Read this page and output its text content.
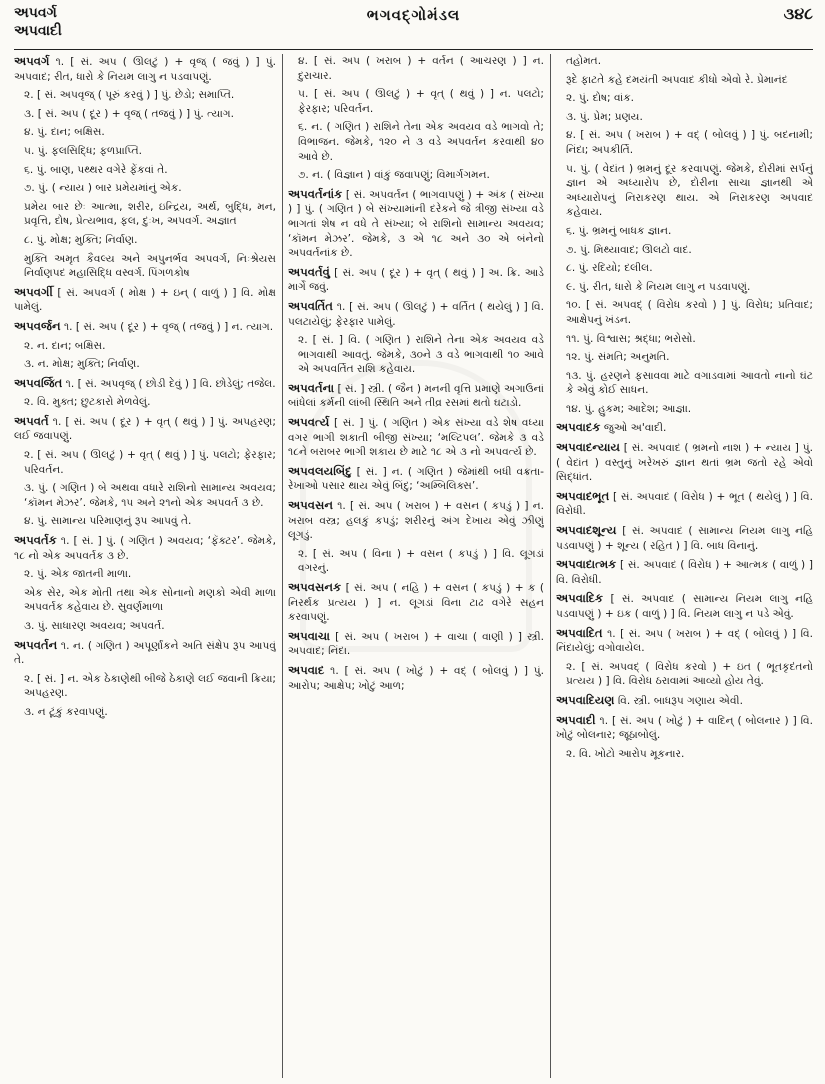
અપવર્ગ
અપવાદી
ભગવદ્ગોમંડલ	૩૪૮
અપવર્ગ ૧. [ સં. અપ ( ઊલટું ) + વૃજ્ ( જવું ) ] પું. અપવાદ; રીત, ધારો કે નિયમ લાગુ ન પડવાપણું.
૨. [ સં. અપવૃજ્ ( પૂરું કરવું ) ] પું. છેડો; સમાપ્તિ.
૩. [ સં. અપ ( દૂર ) + વૃજ્ ( તજવું ) ] પું. ત્યાગ.
૪. પું. દાન; બક્ષિસ.
૫. પું. ફલસિદ્ધિ; ફળપ્રાપ્તિ.
૬. પું. બાણ, પથ્થર વગેરે ફેંકવાં તે.
૭. પું. ( ન્યાય ) બાર પ્રમેયમાંનું એક.
પ્રમેય બાર છેઃ આત્મા, શરીર, ઇન્દ્રિય, અર્થ, બુદ્ધિ, મન, પ્રવૃત્તિ, દોષ, પ્રેત્યભાવ, ફલ, દુઃખ, અપવર્ગ. અજ્ઞાત
૮. પું. મોક્ષ; મુક્તિ; નિર્વાણ.
મુક્તિ અમૃત કૈવલ્ય અને અપુનર્ભવ અપવર્ગ, નિઃશ્રેયસ નિર્વાણપદ મહાસિદ્ધિ વસ્વર્ગ. પિંગળકોષ
અપવર્ગી [ સં. અપવર્ગ ( મોક્ષ ) + ઇન્ ( વાળું ) ] વિ. મોક્ષ પામેલું.
અપવર્જન ૧. [ સં. અપ ( દૂર ) + વૃજ્ ( તજવું ) ] ન. ત્યાગ.
૨. ન. દાન; બક્ષિસ.
૩. ન. મોક્ષ; મુક્તિ; નિર્વાણ.
અપવર્જિત ૧. [ સં. અપવૃજ્ ( છોડી દેવું ) ] વિ. છોડેલું; તજેલ.
૨. વિ. મુક્ત; છુટકારો મેળવેલું.
અપવર્ત ૧. [ સં. અપ ( દૂર ) + વૃત્ ( થવું ) ] પું. અપહરણ; લઈ જવાપણું.
૨. [ સં. અપ ( ઊલટું ) + વૃત્ ( થવું ) ] પું. પલટો; ફેરફાર; પરિવર્તન.
૩. પું. ( ગણિત ) બે અથવા વધારે રાશિનો સામાન્ય અવયવ; ‘કૉમન મેઝર’. જેમકે, ૧૫ અને ૨૧નો એક અપવર્ત ૩ છે.
૪. પું. સામાન્ય પરિમાણનું રૂપ આપવું તે.
અપવર્તક ૧. [ સં. ] પું. ( ગણિત ) અવયવ; ‘ફૅક્ટર’. જેમકે, ૧૮ નો એક અપવર્તક ૩ છે.
૨. પું. એક જાતની માળા.
એક સેર, એક મોતી તથા એક સોનાનો મણકો એવી માળા અપવર્તક કહેવાય છે. સુવર્ણમાળા
૩. પું. સાધારણ અવયવ; અપવર્ત.
અપવર્તન ૧. ન. ( ગણિત ) અપૂર્ણાંકને અતિ સંક્ષેપ રૂપ આપવું તે.
૨. [ સં. ] ન. એક ઠેકાણેથી બીજે ઠેકાણે લઈ જવાની ક્રિયા; અપહરણ.
૩. ન ટૂંકું કરવાપણું.
૪. [ સં. અપ ( ખરાબ ) + વર્તન ( આચરણ ) ] ન. દુરાચાર.
૫. [ સં. અપ ( ઊલટું ) + વૃત્ ( થવું ) ] ન. પલટો; ફેરફાર; પરિવર્તન.
૬. ન. ( ગણિત ) રાશિને તેના એક અવયવ વડે ભાગવો તે; વિભાજન. જેમકે, ૧૨૦ ને ૩ વડે અપવર્તન કરવાથી ૪૦ આવે છે.
૭. ન. ( વિજ્ઞાન ) વાંકું જવાપણું; વિમાર્ગગમન.
અપવર્તનાંક [ સં. અપવર્તન ( ભાગવાપણું ) + અંક ( સંખ્યા ) ] પું. ( ગણિત ) બે સંખ્યામાંની દરેકને જે ત્રીજી સંખ્યા વડે ભાગતાં શેષ ન વધે તે સંખ્યા; બે રાશિનો સામાન્ય અવયવ; ‘કૉમન મેઝર’. જેમકે, ૩ એ ૧૮ અને ૩૦ એ બંનેનો અપવર્તનાંક છે.
અપવર્તવું [ સં. અપ ( દૂર ) + વૃત્ ( થવું ) ] અ. ક્રિ. આડે માર્ગે જવું.
અપવર્તિત ૧. [ સં. અપ ( ઊલટું ) + વર્તિત ( થયેલું ) ] વિ. પલટાયેલું; ફેરફાર પામેલું.
૨. [ સં. ] વિ. ( ગણિત ) રાશિને તેના એક અવયવ વડે ભાગવાથી આવતું. જેમકે, ૩૦ને ૩ વડે ભાગવાથી ૧૦ આવે એ અપવર્તિત રાશિ કહેવાય.
અપવર્તના [ સં. ] સ્ત્રી. ( જૈન ) મનની વૃત્તિ પ્રમાણે અગાઉનાં બાંધેલાં કર્મની લાંબી સ્થિતિ અને તીવ્ર રસમાં થતો ઘટાડો.
અપવર્ત્ય [ સં. ] પું. ( ગણિત ) એક સંખ્યા વડે શેષ વધ્યા વગર ભાગી શકાતી બીજી સંખ્યા; ‘મલ્ટિપલ’. જેમકે ૩ વડે ૧૮ને બરાબર ભાગી શકાય છે માટે ૧૮ એ ૩ નો અપવર્ત્ય છે.
અપવલયબિંદુ [ સં. ] ન. ( ગણિત ) જેમાંથી બધી વક્રતા-રેખાઓ પસાર થાય એવું બિંદુ; ‘અમ્બિલિક્સ’.
અપવસન ૧. [ સં. અપ ( ખરાબ ) + વસન ( કપડું ) ] ન. ખરાબ વસ્ત્ર; હલકું કપડું; શરીરનું અંગ દેખાય એવું ઝીણું લૂગડું.
૨. [ સં. અપ ( વિના ) + વસન ( કપડું ) ] વિ. લૂગડાં વગરનું.
અપવસનક [ સં. અપ ( નહિ ) + વસન ( કપડું ) + ક ( નિરર્થક પ્રત્યય ) ] ન. લૂગડાં વિના ટાઢ વગેરે સહન કરવાપણું.
અપવાચા [ સં. અપ ( ખરાબ ) + વાચા ( વાણી ) ] સ્ત્રી. અપવાદ; નિંદા.
અપવાદ ૧. [ સં. અપ ( ખોટું ) + વદ્ ( બોલવું ) ] પું. આરોપ; આક્ષેપ; ખોટું આળ;
તહોમત.
રૂદે ફાટતે કહે દમયંતી અપવાદ કીધો એવો રે. પ્રેમાનંદ
૨. પું. દોષ; વાંક.
૩. પું. પ્રેમ; પ્રણય.
૪. [ સં. અપ ( ખરાબ ) + વદ્ ( બોલવું ) ] પું. બદનામી; નિંદા; અપકીર્તિ.
૫. પું. ( વેદાંત ) ભ્રમનું દૂર કરવાપણું. જેમકે, દોરીમાં સર્પનું જ્ઞાન એ અધ્યારોપ છે, દોરીના સાચા જ્ઞાનથી એ અધ્યારોપનું નિરાકરણ થાય. એ નિરાકરણ અપવાદ કહેવાય.
૬. પું. ભ્રમનું બાધક જ્ઞાન.
૭. પું. મિથ્યાવાદ; ઊલટો વાદ.
૮. પું. રદિયો; દલીલ.
૯. પું. રીત, ધારો કે નિયમ લાગુ ન પડવાપણું.
૧૦. [ સં. અપવદ્ ( વિરોધ કરવો ) ] પું. વિરોધ; પ્રતિવાદ; આક્ષેપનું ખંડન.
૧૧. પું. વિશ્વાસ; શ્રદ્ધા; ભરોસો.
૧૨. પું. સંમતિ; અનુમતિ.
૧૩. પું. હરણને ફસાવવા માટે વગાડવામાં આવતો નાનો ઘંટ કે એવું કોઈ સાધન.
૧૪. પું. હુકમ; આદેશ; આજ્ઞા.
અપવાદક જુઓ અ'વાદી.
અપવાદન્યાય [ સં. અપવાદ ( ભ્રમનો નાશ ) + ન્યાય ] પું. ( વેદાંત ) વસ્તુનું ખરેખરું જ્ઞાન થતાં ભ્રમ જતો રહે એવો સિદ્ધાંત.
અપવાદભૂત [ સં. અપવાદ ( વિરોધ ) + ભૂત ( થયેલું ) ] વિ. વિરોધી.
અપવાદશૂન્ય [ સં. અપવાદ ( સામાન્ય નિયમ લાગુ નહિ પડવાપણું ) + શૂન્ય ( રહિત ) ] વિ. બાધ વિનાનું.
અપવાદાત્મક [ સં. અપવાદ ( વિરોધ ) + આત્મક ( વાળું ) ] વિ. વિરોધી.
અપવાદિક [ સં. અપવાદ ( સામાન્ય નિયમ લાગુ નહિ પડવાપણું ) + ઇક ( વાળું ) ] વિ. નિયમ લાગુ ન પડે એવું.
અપવાદિત ૧. [ સં. અપ ( ખરાબ ) + વદ્ ( બોલવું ) ] વિ. નિંદાયેલું; વગોવાયેલ.
૨. [ સં. અપવદ્ ( વિરોધ કરવો ) + ઇત ( ભૂતકૃદંતનો પ્રત્યય ) ] વિ. વિરોધ ઠરાવામાં આવ્યો હોય તેવું.
અપવાદિયણ વિ. સ્ત્રી. બાધરૂપ ગણાય એવી.
અપવાદી ૧. [ સં. અપ ( ખોટું ) + વાદિન્ ( બોલનાર ) ] વિ. ખોટું બોલનાર; જૂઠાબોલું.
૨. વિ. ખોટો આરોપ મૂકનાર.
